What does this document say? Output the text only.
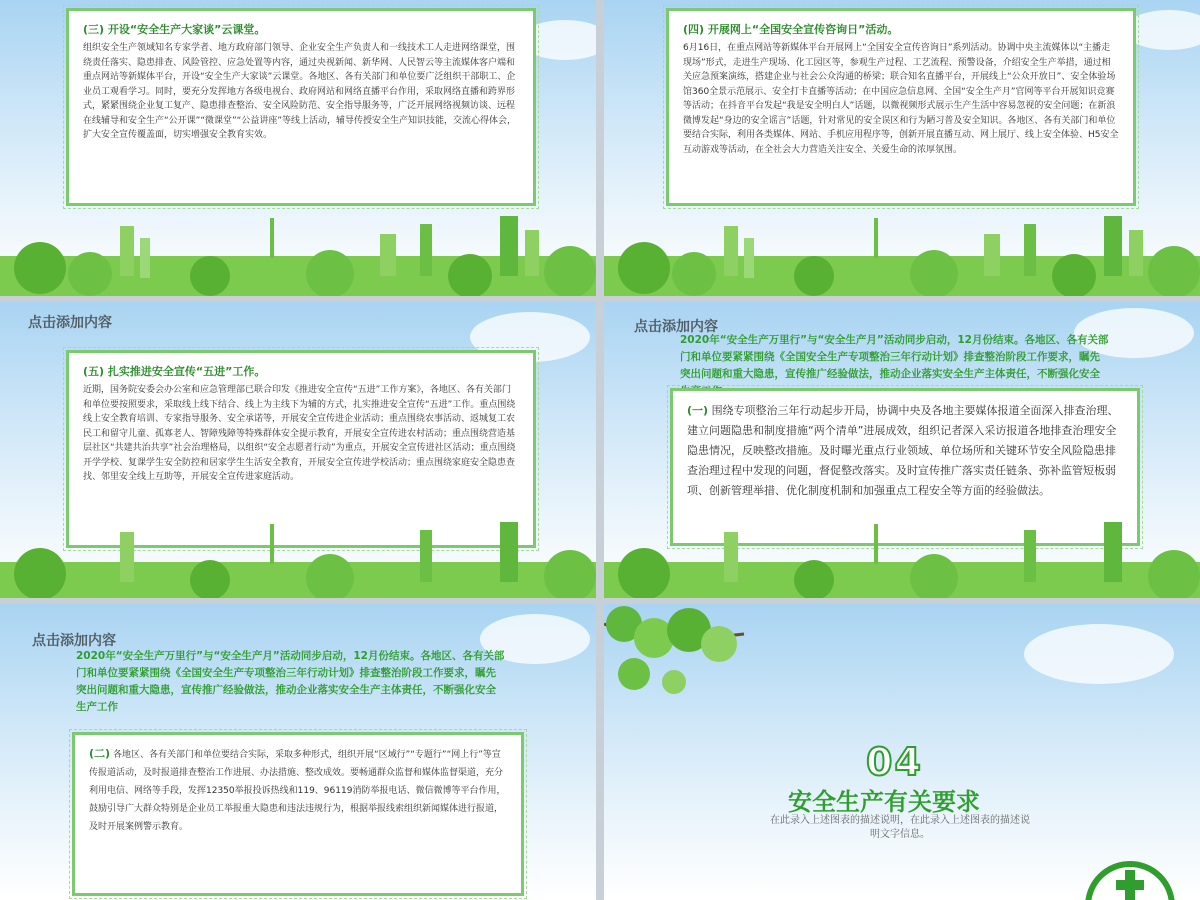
(三) 开设“安全生产大家谈”云课堂。
组织安全生产领域知名专家学者、地方政府部门领导、企业安全生产负责人和一线技术工人走进网络课堂，围绕责任落实、隐患排查、风险管控、应急处置等内容，通过央视新闻、新华网、人民智云等主流媒体客户端和重点网站等新媒体平台，开设“安全生产大家谈”云课堂。各地区、各有关部门和单位要广泛组织干部职工、企业员工观看学习。同时，要充分发挥地方各级电视台、政府网站和网络直播平台作用，采取网络直播和跨界形式，紧紧围绕企业复工复产、隐患排查整治、安全风险防范、安全指导服务等，广泛开展网络视频访谈、远程在线辅导和安全生产“公开课”“微课堂”“公益讲座”等线上活动，辅导传授安全生产知识技能，交流心得体会，扩大安全宣传覆盖面，切实增强安全教育实效。
(四) 开展网上“全国安全宣传咨询日”活动。
6月16日，在重点网站等新媒体平台开展网上“全国安全宣传咨询日”系列活动。协调中央主流媒体以“主播走现场”形式，走进生产现场、化工园区等，参观生产过程、工艺流程、预警设备，介绍安全生产举措，通过相关应急预案演练，搭建企业与社会公众沟通的桥梁；联合知名直播平台，开展线上“公众开放日”、安全体验场馆360全景示范展示、安全打卡直播等活动；在中国应急信息网、全国“安全生产月”官网等平台开展知识竞赛等活动；在抖音平台发起“我是安全明白人”话题，以微视频形式展示生产生活中容易忽视的安全问题；在新浪微博发起“身边的安全谣言”话题，针对常见的安全误区和行为陋习普及安全知识。各地区、各有关部门和单位要结合实际，利用各类媒体、网站、手机应用程序等，创新开展直播互动、网上展厅、线上安全体验、H5安全互动游戏等活动，在全社会大力营造关注安全、关爱生命的浓厚氛围。
点击添加内容
(五) 扎实推进安全宣传“五进”工作。
近期，国务院安委会办公室和应急管理部已联合印发《推进安全宣传“五进”工作方案》，各地区、各有关部门和单位要按照要求，采取线上线下结合、线上为主线下为辅的方式，扎实推进安全宣传“五进”工作。重点围绕线上安全教育培训、专家指导服务、安全承诺等，开展安全宣传进企业活动；重点围绕农事活动、返城复工农民工和留守儿童、孤寡老人、智障残障等特殊群体安全提示教育，开展安全宣传进农村活动；重点围绕营造基层社区“共建共治共享”社会治理格局，以组织“安全志愿者行动”为重点，开展安全宣传进社区活动；重点围绕开学学校、复课学生安全防控和居家学生生活安全教育，开展安全宣传进学校活动；重点围绕家庭安全隐患查找、邻里安全线上互助等，开展安全宣传进家庭活动。
点击添加内容
2020年“安全生产万里行”与“安全生产月”活动同步启动，12月份结束。各地区、各有关部门和单位要紧紧围绕《全国安全生产专项整治三年行动计划》排查整治阶段工作要求，瞩先突出问题和重大隐患，宣传推广经验做法，推动企业落实安全生产主体责任，不断强化安全
(一) 围绕专项整治三年行动起步开局，协调中央及各地主要媒体报道全面深入排查治理、建立问题隐患和制度措施“两个清单”进展成效，组织记者深入采访报道各地排查治理安全隐患情况，反映整改措施。及时曝光重点行业领域、单位场所和关键环节安全风险隐患排查治理过程中发现的问题，督促整改落实。及时宣传推广落实责任链条、弥补监管短板弱项、创新管理举措、优化制度机制和加强重点工程安全等方面的经验做法。
点击添加内容
2020年“安全生产万里行”与“安全生产月”活动同步启动，12月份结束。各地区、各有关部门和单位要紧紧围绕《全国安全生产专项整治三年行动计划》排查整治阶段工作要求，瞩先突出问题和重大隐患，宣传推广经验做法，推动企业落实安全生产主体责任，不断强化安全生产工作
(二) 各地区、各有关部门和单位要结合实际，采取多种形式，组织开展“区域行”“专题行”“网上行”等宣传报道活动，及时报道排查整治工作进展、办法措施、整改成效。要畅通群众监督和媒体监督渠道，充分利用电信、网络等手段，发挥12350举报投诉热线和119、96119消防举报电话、微信微博等平台作用，鼓励引导广大群众特别是企业员工举报重大隐患和违法违规行为，根据举报线索组织新闻媒体进行报道，及时开展案例警示教育。
04
安全生产有关要求
在此录入上述图表的描述说明，在此录入上述图表的描述说明文字信息。
